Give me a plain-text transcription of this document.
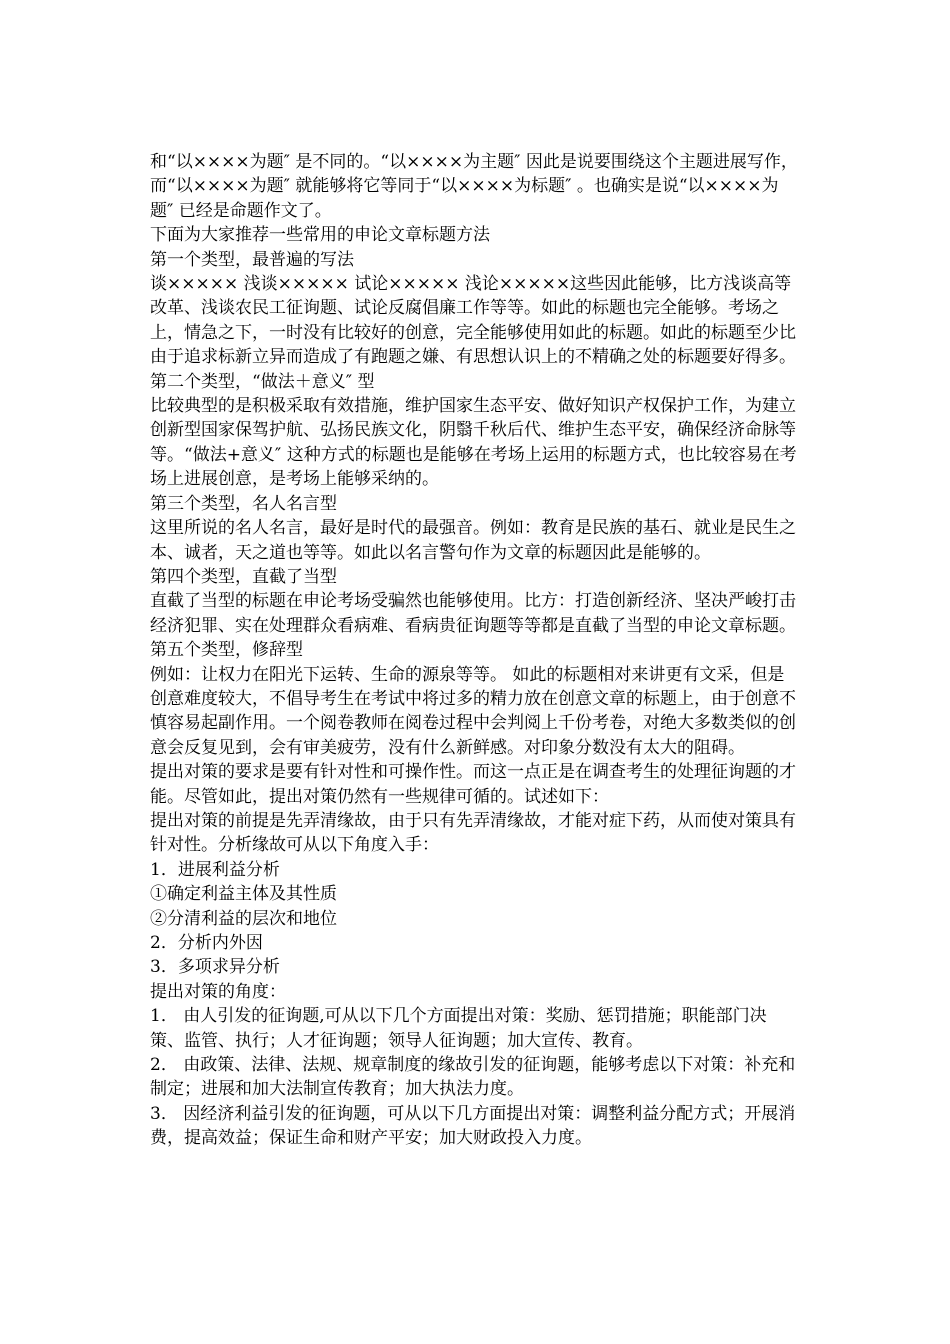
和“以××××为题″ 是不同的。“以××××为主题″ 因此是说要围绕这个主题进展写作，而“以××××为题″ 就能够将它等同于“以××××为标题″ 。也确实是说“以××××为题″ 已经是命题作文了。

下面为大家推荐一些常用的申论文章标题方法

第一个类型，最普遍的写法

谈××××× 浅谈××××× 试论××××× 浅论×××××这些因此能够，比方浅谈高等改革、浅谈农民工征询题、试论反腐倡廉工作等等。如此的标题也完全能够。考场之上，情急之下，一时没有比较好的创意，完全能够使用如此的标题。如此的标题至少比由于追求标新立异而造成了有跑题之嫌、有思想认识上的不精确之处的标题要好得多。 第二个类型，“做法＋意义″ 型

比较典型的是积极采取有效措施，维护国家生态平安、做好知识产权保护工作，为建立创新型国家保驾护航、弘扬民族文化，阴翳千秋后代、维护生态平安，确保经济命脉等等。“做法+意义″ 这种方式的标题也是能够在考场上运用的标题方式，也比较容易在考场上进展创意，是考场上能够采纳的。

第三个类型，名人名言型

这里所说的名人名言，最好是时代的最强音。例如：教育是民族的基石、就业是民生之本、诚者，天之道也等等。如此以名言警句作为文章的标题因此是能够的。

第四个类型，直截了当型

直截了当型的标题在申论考场受骗然也能够使用。比方：打造创新经济、坚决严峻打击经济犯罪、实在处理群众看病难、看病贵征询题等等都是直截了当型的申论文章标题。

第五个类型，修辞型

例如：让权力在阳光下运转、生命的源泉等等。 如此的标题相对来讲更有文采，但是创意难度较大，不倡导考生在考试中将过多的精力放在创意文章的标题上，由于创意不慎容易起副作用。一个阅卷教师在阅卷过程中会判阅上千份考卷，对绝大多数类似的创意会反复见到，会有审美疲劳，没有什么新鲜感。对印象分数没有太大的阻碍。

提出对策的要求是要有针对性和可操作性。而这一点正是在调查考生的处理征询题的才能。尽管如此，提出对策仍然有一些规律可循的。试述如下：

提出对策的前提是先弄清缘故，由于只有先弄清缘故，才能对症下药，从而使对策具有针对性。分析缘故可从以下角度入手：

1．进展利益分析

①确定利益主体及其性质

②分清利益的层次和地位

2．分析内外因

3．多项求异分析

提出对策的角度：

1． 由人引发的征询题,可从以下几个方面提出对策：奖励、惩罚措施；职能部门决策、监管、执行；人才征询题；领导人征询题；加大宣传、教育。

2． 由政策、法律、法规、规章制度的缘故引发的征询题，能够考虑以下对策：补充和制定；进展和加大法制宣传教育；加大执法力度。

3． 因经济利益引发的征询题，可从以下几方面提出对策：调整利益分配方式；开展消费，提高效益；保证生命和财产平安；加大财政投入力度。
